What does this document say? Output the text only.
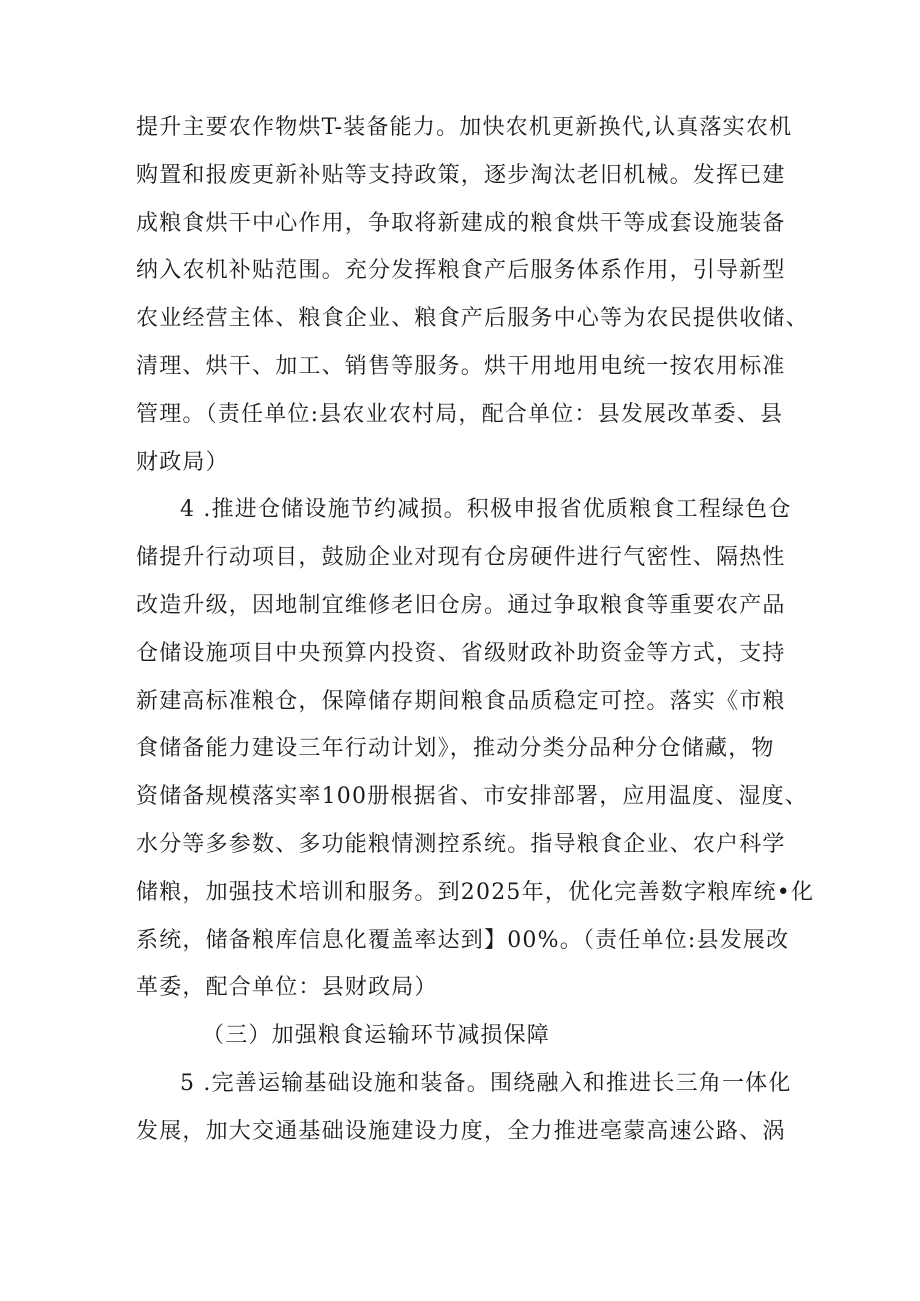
提升主要农作物烘T-装备能力。加快农机更新换代,认真落实农机
购置和报废更新补贴等支持政策，逐步淘汰老旧机械。发挥已建
成粮食烘干中心作用，争取将新建成的粮食烘干等成套设施装备
纳入农机补贴范围。充分发挥粮食产后服务体系作用，引导新型
农业经营主体、粮食企业、粮食产后服务中心等为农民提供收储、
清理、烘干、加工、销售等服务。烘干用地用电统一按农用标准
管理。（责任单位:县农业农村局，配合单位：县发展改革委、县
财政局）

4 .推进仓储设施节约减损。积极申报省优质粮食工程绿色仓
储提升行动项目，鼓励企业对现有仓房硬件进行气密性、隔热性
改造升级，因地制宜维修老旧仓房。通过争取粮食等重要农产品
仓储设施项目中央预算内投资、省级财政补助资金等方式，支持
新建高标准粮仓，保障储存期间粮食品质稳定可控。落实《市粮
食储备能力建设三年行动计划》，推动分类分品种分仓储藏，物
资储备规模落实率100册根据省、市安排部署，应用温度、湿度、
水分等多参数、多功能粮情测控系统。指导粮食企业、农户科学
储粮，加强技术培训和服务。到2025年，优化完善数字粮库统•化
系统，储备粮库信息化覆盖率达到】00%。（责任单位:县发展改
革委，配合单位：县财政局）

（三）加强粮食运输环节减损保障

5 .完善运输基础设施和装备。围绕融入和推进长三角一体化
发展，加大交通基础设施建设力度，全力推进亳蒙高速公路、涡
